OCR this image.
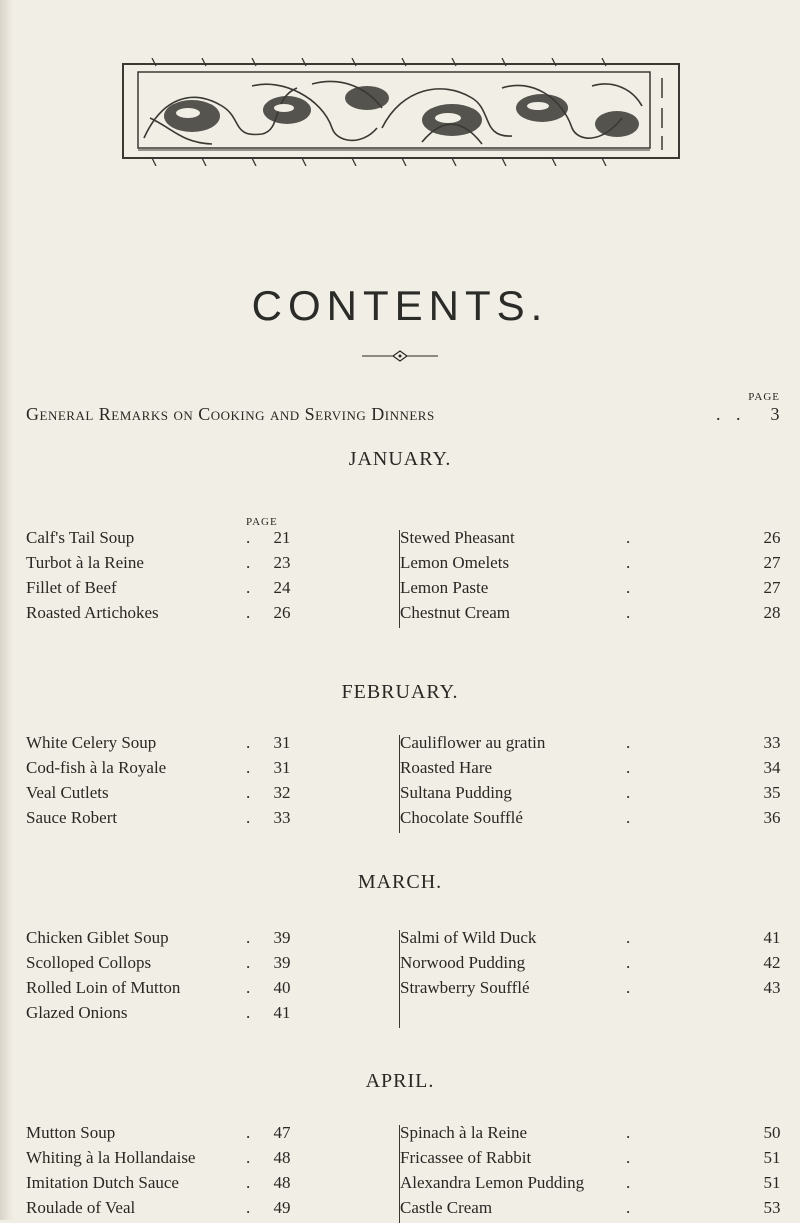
CONTENTS.
PAGE
General Remarks on Cooking and Serving Dinners	.   . 3
JANUARY.
PAGE
Calf's Tail Soup	. 21	Stewed Pheasant	.	26
Turbot à la Reine	. 23	Lemon Omelets	.	27
Fillet of Beef	. 24	Lemon Paste	.	27
Roasted Artichokes	. 26	Chestnut Cream	.	28
FEBRUARY.
White Celery Soup	. 31	Cauliflower au gratin	.	33
Cod-fish à la Royale	. 31	Roasted Hare	.	34
Veal Cutlets	. 32	Sultana Pudding	.	35
Sauce Robert	. 33	Chocolate Soufflé	.	36
MARCH.
Chicken Giblet Soup	. 39	Salmi of Wild Duck	.	41
Scolloped Collops	. 39	Norwood Pudding	.	42
Rolled Loin of Mutton	. 40	Strawberry Soufflé	.	43
Glazed Onions	. 41
APRIL.
Mutton Soup	. 47	Spinach à la Reine	.	50
Whiting à la Hollandaise	. 48	Fricassee of Rabbit	.	51
Imitation Dutch Sauce	. 48	Alexandra Lemon Pudding .	51
Roulade of Veal	. 49	Castle Cream	.	53
